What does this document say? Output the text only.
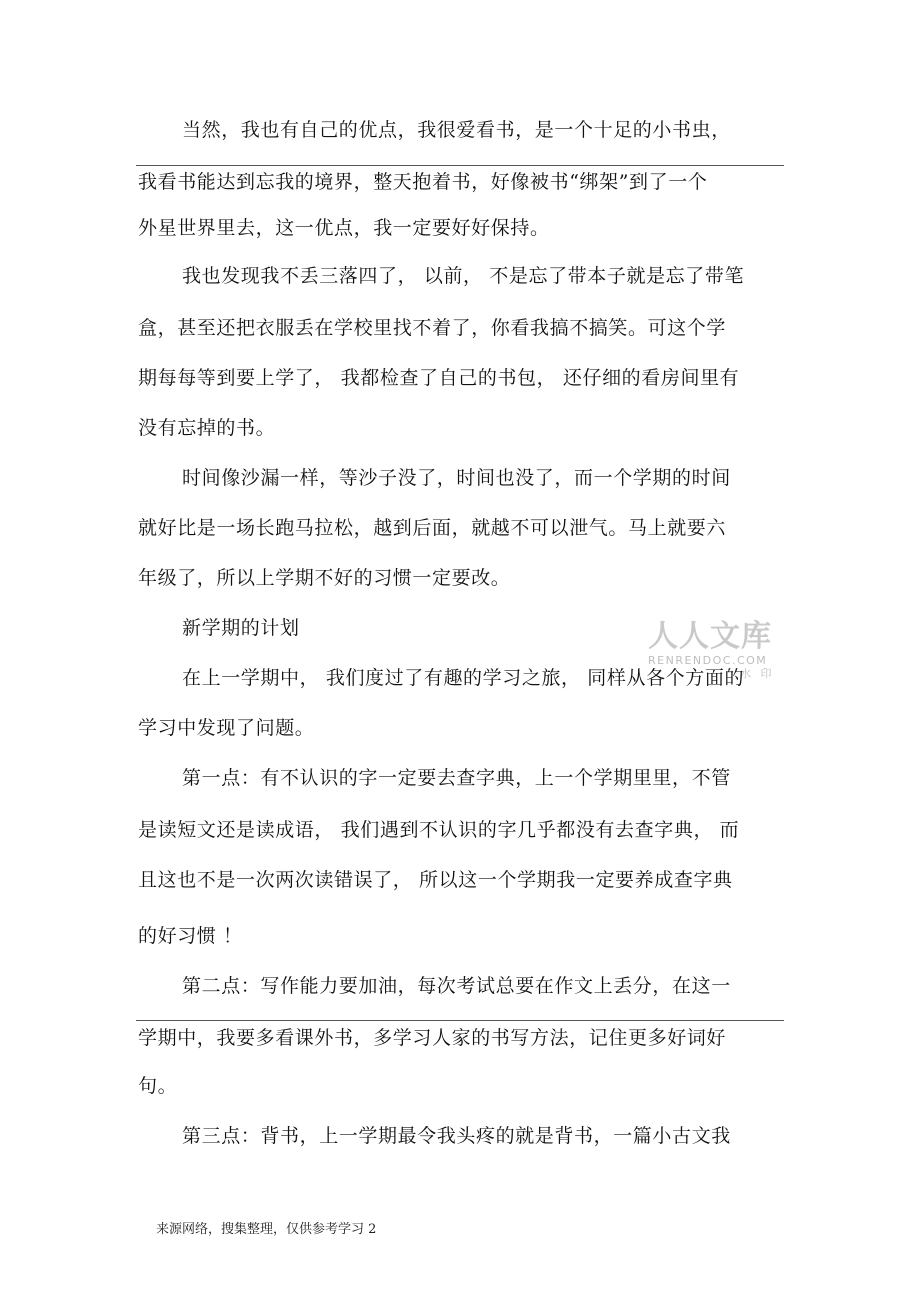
当然，我也有自己的优点，我很爱看书，是一个十足的小书虫，
我看书能达到忘我的境界，整天抱着书，好像被书“绑架”到了一个
外星世界里去，这一优点，我一定要好好保持。
我也发现我不丢三落四了， 以前， 不是忘了带本子就是忘了带笔
盒，甚至还把衣服丢在学校里找不着了，你看我搞不搞笑。可这个学
期每每等到要上学了， 我都检查了自己的书包， 还仔细的看房间里有
没有忘掉的书。
时间像沙漏一样，等沙子没了，时间也没了，而一个学期的时间
就好比是一场长跑马拉松，越到后面，就越不可以泄气。马上就要六
年级了，所以上学期不好的习惯一定要改。
新学期的计划	人人文库
RENRENDOC.COM
水 印
在上一学期中， 我们度过了有趣的学习之旅， 同样从各个方面的
学习中发现了问题。
第一点：有不认识的字一定要去查字典，上一个学期里里，不管
是读短文还是读成语， 我们遇到不认识的字几乎都没有去查字典， 而
且这也不是一次两次读错误了， 所以这一个学期我一定要养成查字典
的好习惯 ！
第二点：写作能力要加油，每次考试总要在作文上丢分，在这一
学期中，我要多看课外书，多学习人家的书写方法，记住更多好词好
句。
第三点：背书，上一学期最令我头疼的就是背书，一篇小古文我
来源网络，搜集整理，仅供参考学习 2
